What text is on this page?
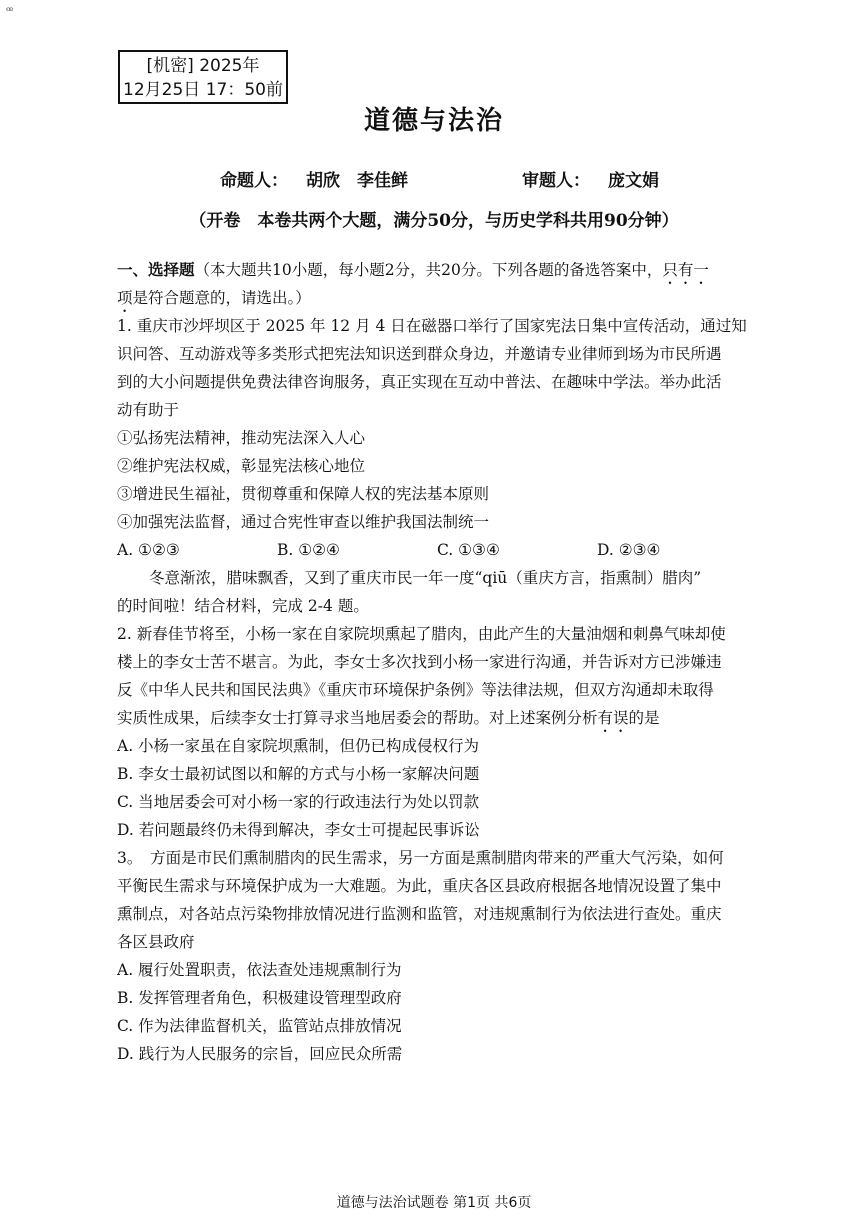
ꟹ
[机密] 2025年
12月25日 17：50前
道德与法治
命题人： 胡欣　李佳鲜	审题人： 庞文娟
（开卷　本卷共两个大题，满分50分，与历史学科共用90分钟）
一、选择题（本大题共10小题，每小题2分，共20分。下列各题的备选答案中，只有一
项是符合题意的，请选出。）
1. 重庆市沙坪坝区于 2025 年 12 月 4 日在磁器口举行了国家宪法日集中宣传活动，通过知
识问答、互动游戏等多类形式把宪法知识送到群众身边，并邀请专业律师到场为市民所遇
到的大小问题提供免费法律咨询服务，真正实现在互动中普法、在趣味中学法。举办此活
动有助于
①弘扬宪法精神，推动宪法深入人心
②维护宪法权威，彰显宪法核心地位
③增进民生福祉，贯彻尊重和保障人权的宪法基本原则
④加强宪法监督，通过合宪性审查以维护我国法制统一
A. ①②③	B. ①②④	C. ①③④	D. ②③④
冬意渐浓，腊味飘香，又到了重庆市民一年一度“qiū（重庆方言，指熏制）腊肉”
的时间啦！结合材料，完成 2-4 题。
2. 新春佳节将至，小杨一家在自家院坝熏起了腊肉，由此产生的大量油烟和刺鼻气味却使
楼上的李女士苦不堪言。为此，李女士多次找到小杨一家进行沟通，并告诉对方已涉嫌违
反《中华人民共和国民法典》《重庆市环境保护条例》等法律法规，但双方沟通却未取得
实质性成果，后续李女士打算寻求当地居委会的帮助。对上述案例分析有误的是
A. 小杨一家虽在自家院坝熏制，但仍已构成侵权行为
B. 李女士最初试图以和解的方式与小杨一家解决问题
C. 当地居委会可对小杨一家的行政违法行为处以罚款
D. 若问题最终仍未得到解决，李女士可提起民事诉讼
3。　方面是市民们熏制腊肉的民生需求，另一方面是熏制腊肉带来的严重大气污染，如何
平衡民生需求与环境保护成为一大难题。为此，重庆各区县政府根据各地情况设置了集中
熏制点，对各站点污染物排放情况进行监测和监管，对违规熏制行为依法进行查处。重庆
各区县政府
A. 履行处置职责，依法查处违规熏制行为
B. 发挥管理者角色，积极建设管理型政府
C. 作为法律监督机关，监管站点排放情况
D. 践行为人民服务的宗旨，回应民众所需
道德与法治试题卷 第1页 共6页
